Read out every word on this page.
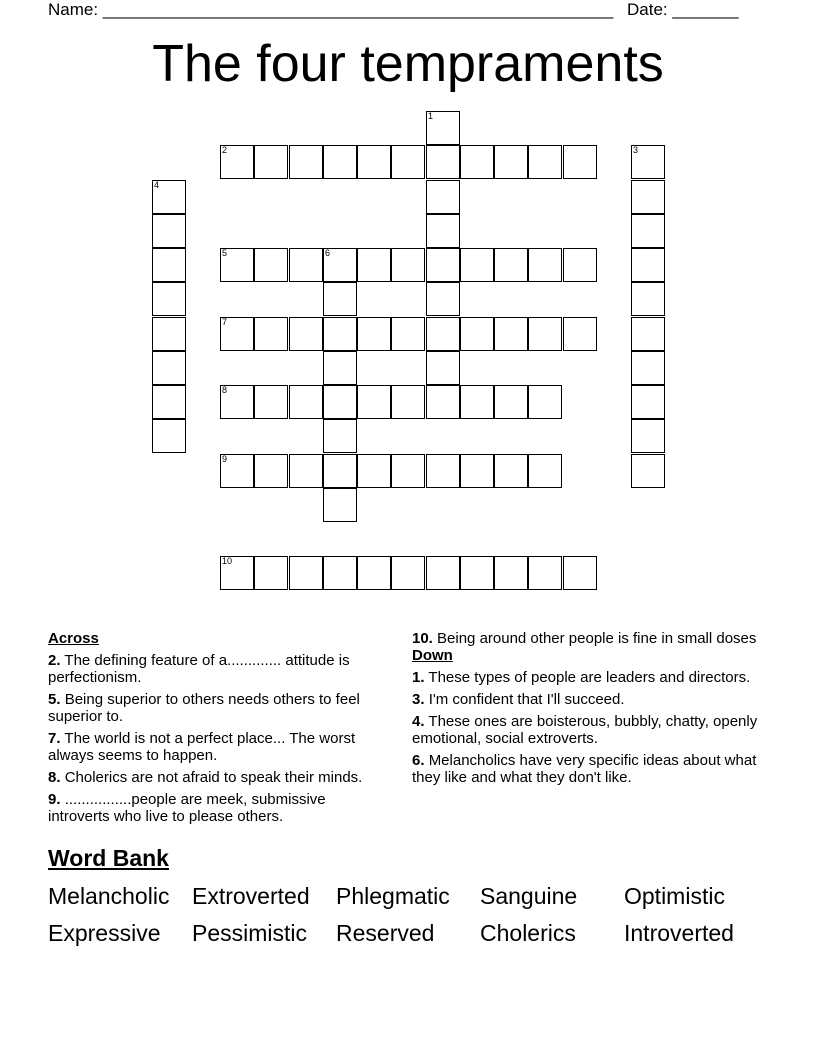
Name: ______________________________________________________ Date: _______
The four tempraments
2
5	6
7
8
9
10
1
3
4
Across
2. The defining feature of a............. attitude is perfectionism.
5. Being superior to others needs others to feel superior to.
7. The world is not a perfect place... The worst always seems to happen.
8. Cholerics are not afraid to speak their minds.
9. ................people are meek, submissive introverts who live to please others.
10. Being around other people is fine in small doses
Down
1. These types of people are leaders and directors.
3. I'm confident that I'll succeed.
4. These ones are boisterous, bubbly, chatty, openly emotional, social extroverts.
6. Melancholics have very specific ideas about what they like and what they don't like.
Word Bank
Melancholic Extroverted Phlegmatic Sanguine Optimistic
Expressive Pessimistic Reserved Cholerics Introverted
